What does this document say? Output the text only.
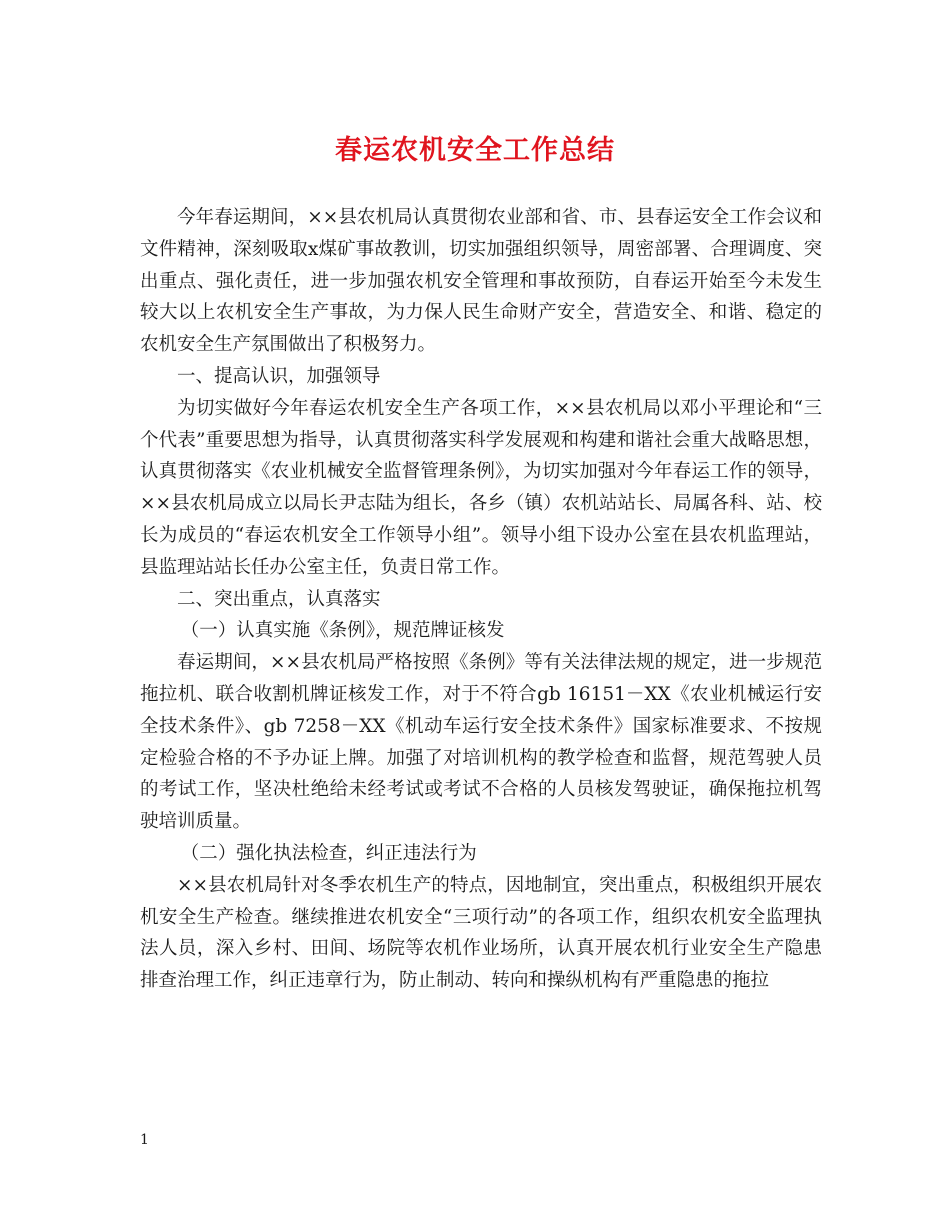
春运农机安全工作总结

今年春运期间，××县农机局认真贯彻农业部和省、市、县春运安全工作会议和文件精神，深刻吸取x煤矿事故教训，切实加强组织领导，周密部署、合理调度、突出重点、强化责任，进一步加强农机安全管理和事故预防，自春运开始至今未发生较大以上农机安全生产事故，为力保人民生命财产安全，营造安全、和谐、稳定的农机安全生产氛围做出了积极努力。

一、提高认识，加强领导

为切实做好今年春运农机安全生产各项工作，××县农机局以邓小平理论和“三个代表”重要思想为指导，认真贯彻落实科学发展观和构建和谐社会重大战略思想，认真贯彻落实《农业机械安全监督管理条例》，为切实加强对今年春运工作的领导，××县农机局成立以局长尹志陆为组长，各乡（镇）农机站站长、局属各科、站、校长为成员的“春运农机安全工作领导小组”。领导小组下设办公室在县农机监理站，县监理站站长任办公室主任，负责日常工作。

二、突出重点，认真落实

（一）认真实施《条例》，规范牌证核发

春运期间，××县农机局严格按照《条例》等有关法律法规的规定，进一步规范拖拉机、联合收割机牌证核发工作，对于不符合gb 16151－XX《农业机械运行安全技术条件》、gb 7258－XX《机动车运行安全技术条件》国家标准要求、不按规定检验合格的不予办证上牌。加强了对培训机构的教学检查和监督，规范驾驶人员的考试工作，坚决杜绝给未经考试或考试不合格的人员核发驾驶证，确保拖拉机驾驶培训质量。

（二）强化执法检查，纠正违法行为

××县农机局针对冬季农机生产的特点，因地制宜，突出重点，积极组织开展农机安全生产检查。继续推进农机安全“三项行动”的各项工作，组织农机安全监理执法人员，深入乡村、田间、场院等农机作业场所，认真开展农机行业安全生产隐患排查治理工作，纠正违章行为，防止制动、转向和操纵机构有严重隐患的拖拉

1
